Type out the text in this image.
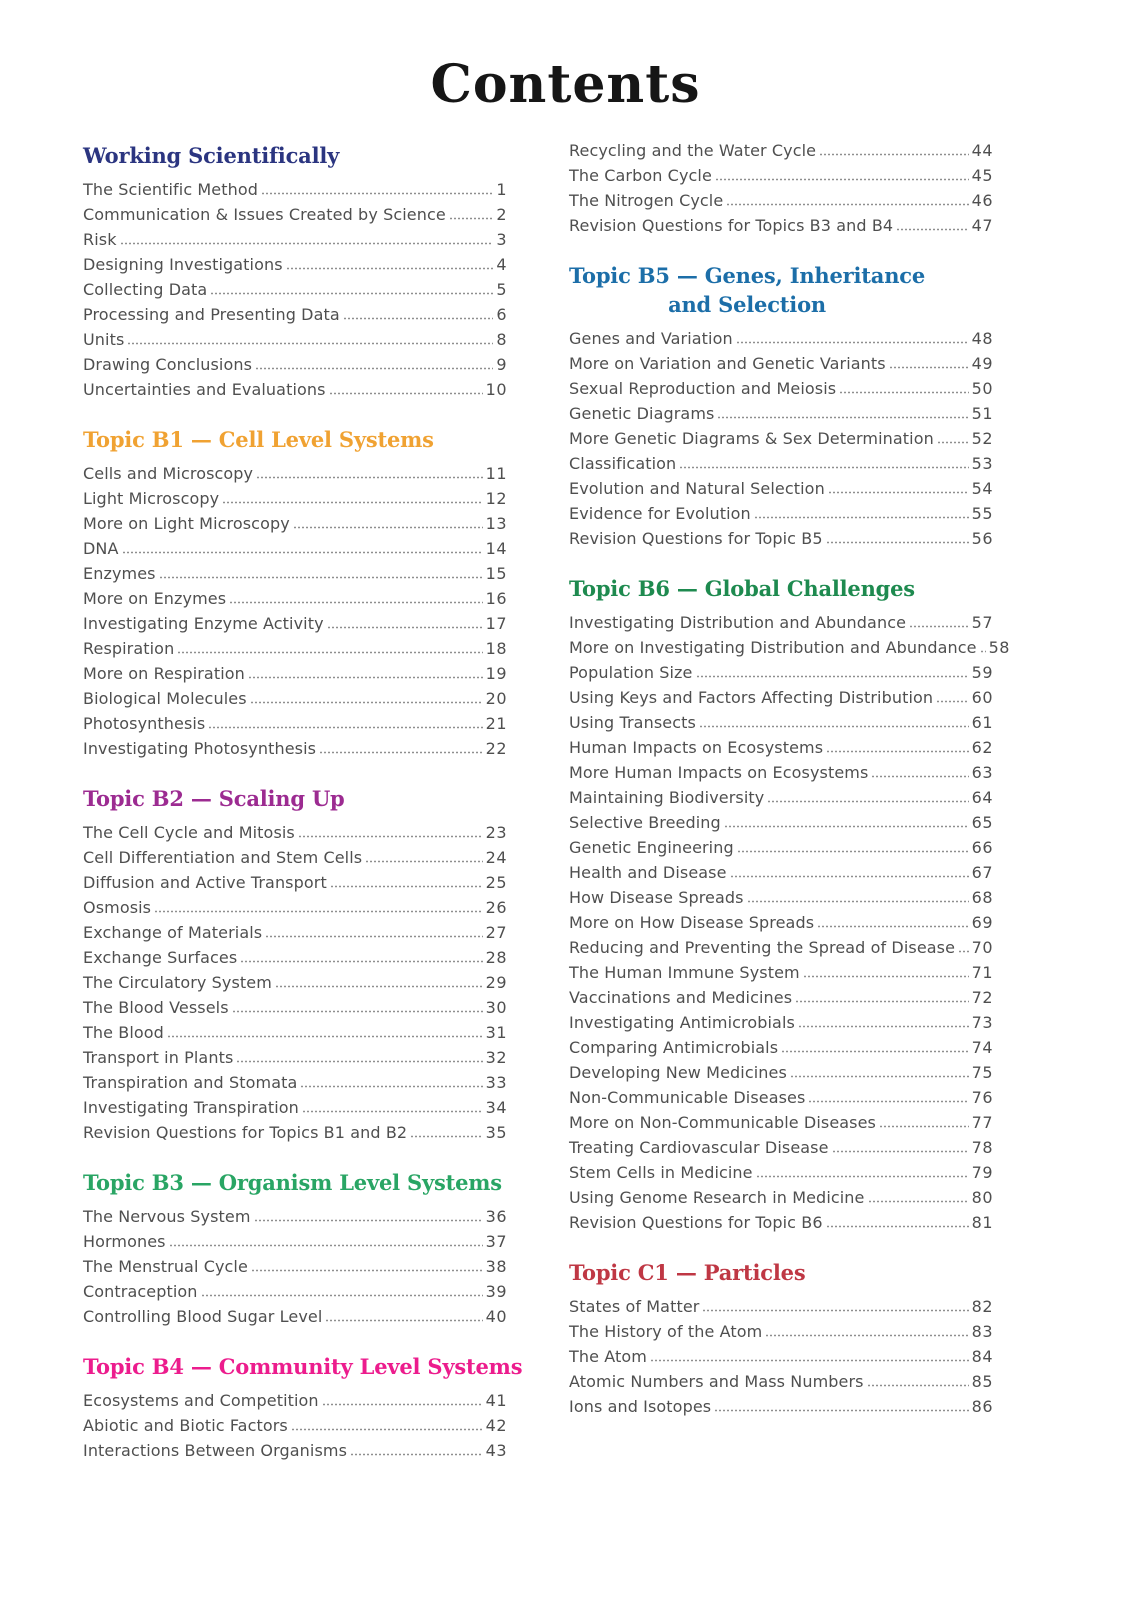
Contents
Working Scientifically
The Scientific Method	1
Communication & Issues Created by Science	2
Risk	3
Designing Investigations	4
Collecting Data	5
Processing and Presenting Data	6
Units	8
Drawing Conclusions	9
Uncertainties and Evaluations	10
Topic B1 — Cell Level Systems
Cells and Microscopy	11
Light Microscopy	12
More on Light Microscopy	13
DNA	14
Enzymes	15
More on Enzymes	16
Investigating Enzyme Activity	17
Respiration	18
More on Respiration	19
Biological Molecules	20
Photosynthesis	21
Investigating Photosynthesis	22
Topic B2 — Scaling Up
The Cell Cycle and Mitosis	23
Cell Differentiation and Stem Cells	24
Diffusion and Active Transport	25
Osmosis	26
Exchange of Materials	27
Exchange Surfaces	28
The Circulatory System	29
The Blood Vessels	30
The Blood	31
Transport in Plants	32
Transpiration and Stomata	33
Investigating Transpiration	34
Revision Questions for Topics B1 and B2	35
Topic B3 — Organism Level Systems
The Nervous System	36
Hormones	37
The Menstrual Cycle	38
Contraception	39
Controlling Blood Sugar Level	40
Topic B4 — Community Level Systems
Ecosystems and Competition	41
Abiotic and Biotic Factors	42
Interactions Between Organisms	43
Recycling and the Water Cycle	44
The Carbon Cycle	45
The Nitrogen Cycle	46
Revision Questions for Topics B3 and B4	47
Topic B5 — Genes, Inheritance
and Selection
Genes and Variation	48
More on Variation and Genetic Variants	49
Sexual Reproduction and Meiosis	50
Genetic Diagrams	51
More Genetic Diagrams & Sex Determination 52
Classification	53
Evolution and Natural Selection	54
Evidence for Evolution	55
Revision Questions for Topic B5	56
Topic B6 — Global Challenges
Investigating Distribution and Abundance	57
More on Investigating Distribution and Abundance 58
Population Size	59
Using Keys and Factors Affecting Distribution 60
Using Transects	61
Human Impacts on Ecosystems	62
More Human Impacts on Ecosystems	63
Maintaining Biodiversity	64
Selective Breeding	65
Genetic Engineering	66
Health and Disease	67
How Disease Spreads	68
More on How Disease Spreads	69
Reducing and Preventing the Spread of Disease 70
The Human Immune System	71
Vaccinations and Medicines	72
Investigating Antimicrobials	73
Comparing Antimicrobials	74
Developing New Medicines	75
Non-Communicable Diseases	76
More on Non-Communicable Diseases	77
Treating Cardiovascular Disease	78
Stem Cells in Medicine	79
Using Genome Research in Medicine	80
Revision Questions for Topic B6	81
Topic C1 — Particles
States of Matter	82
The History of the Atom	83
The Atom	84
Atomic Numbers and Mass Numbers	85
Ions and Isotopes	86
